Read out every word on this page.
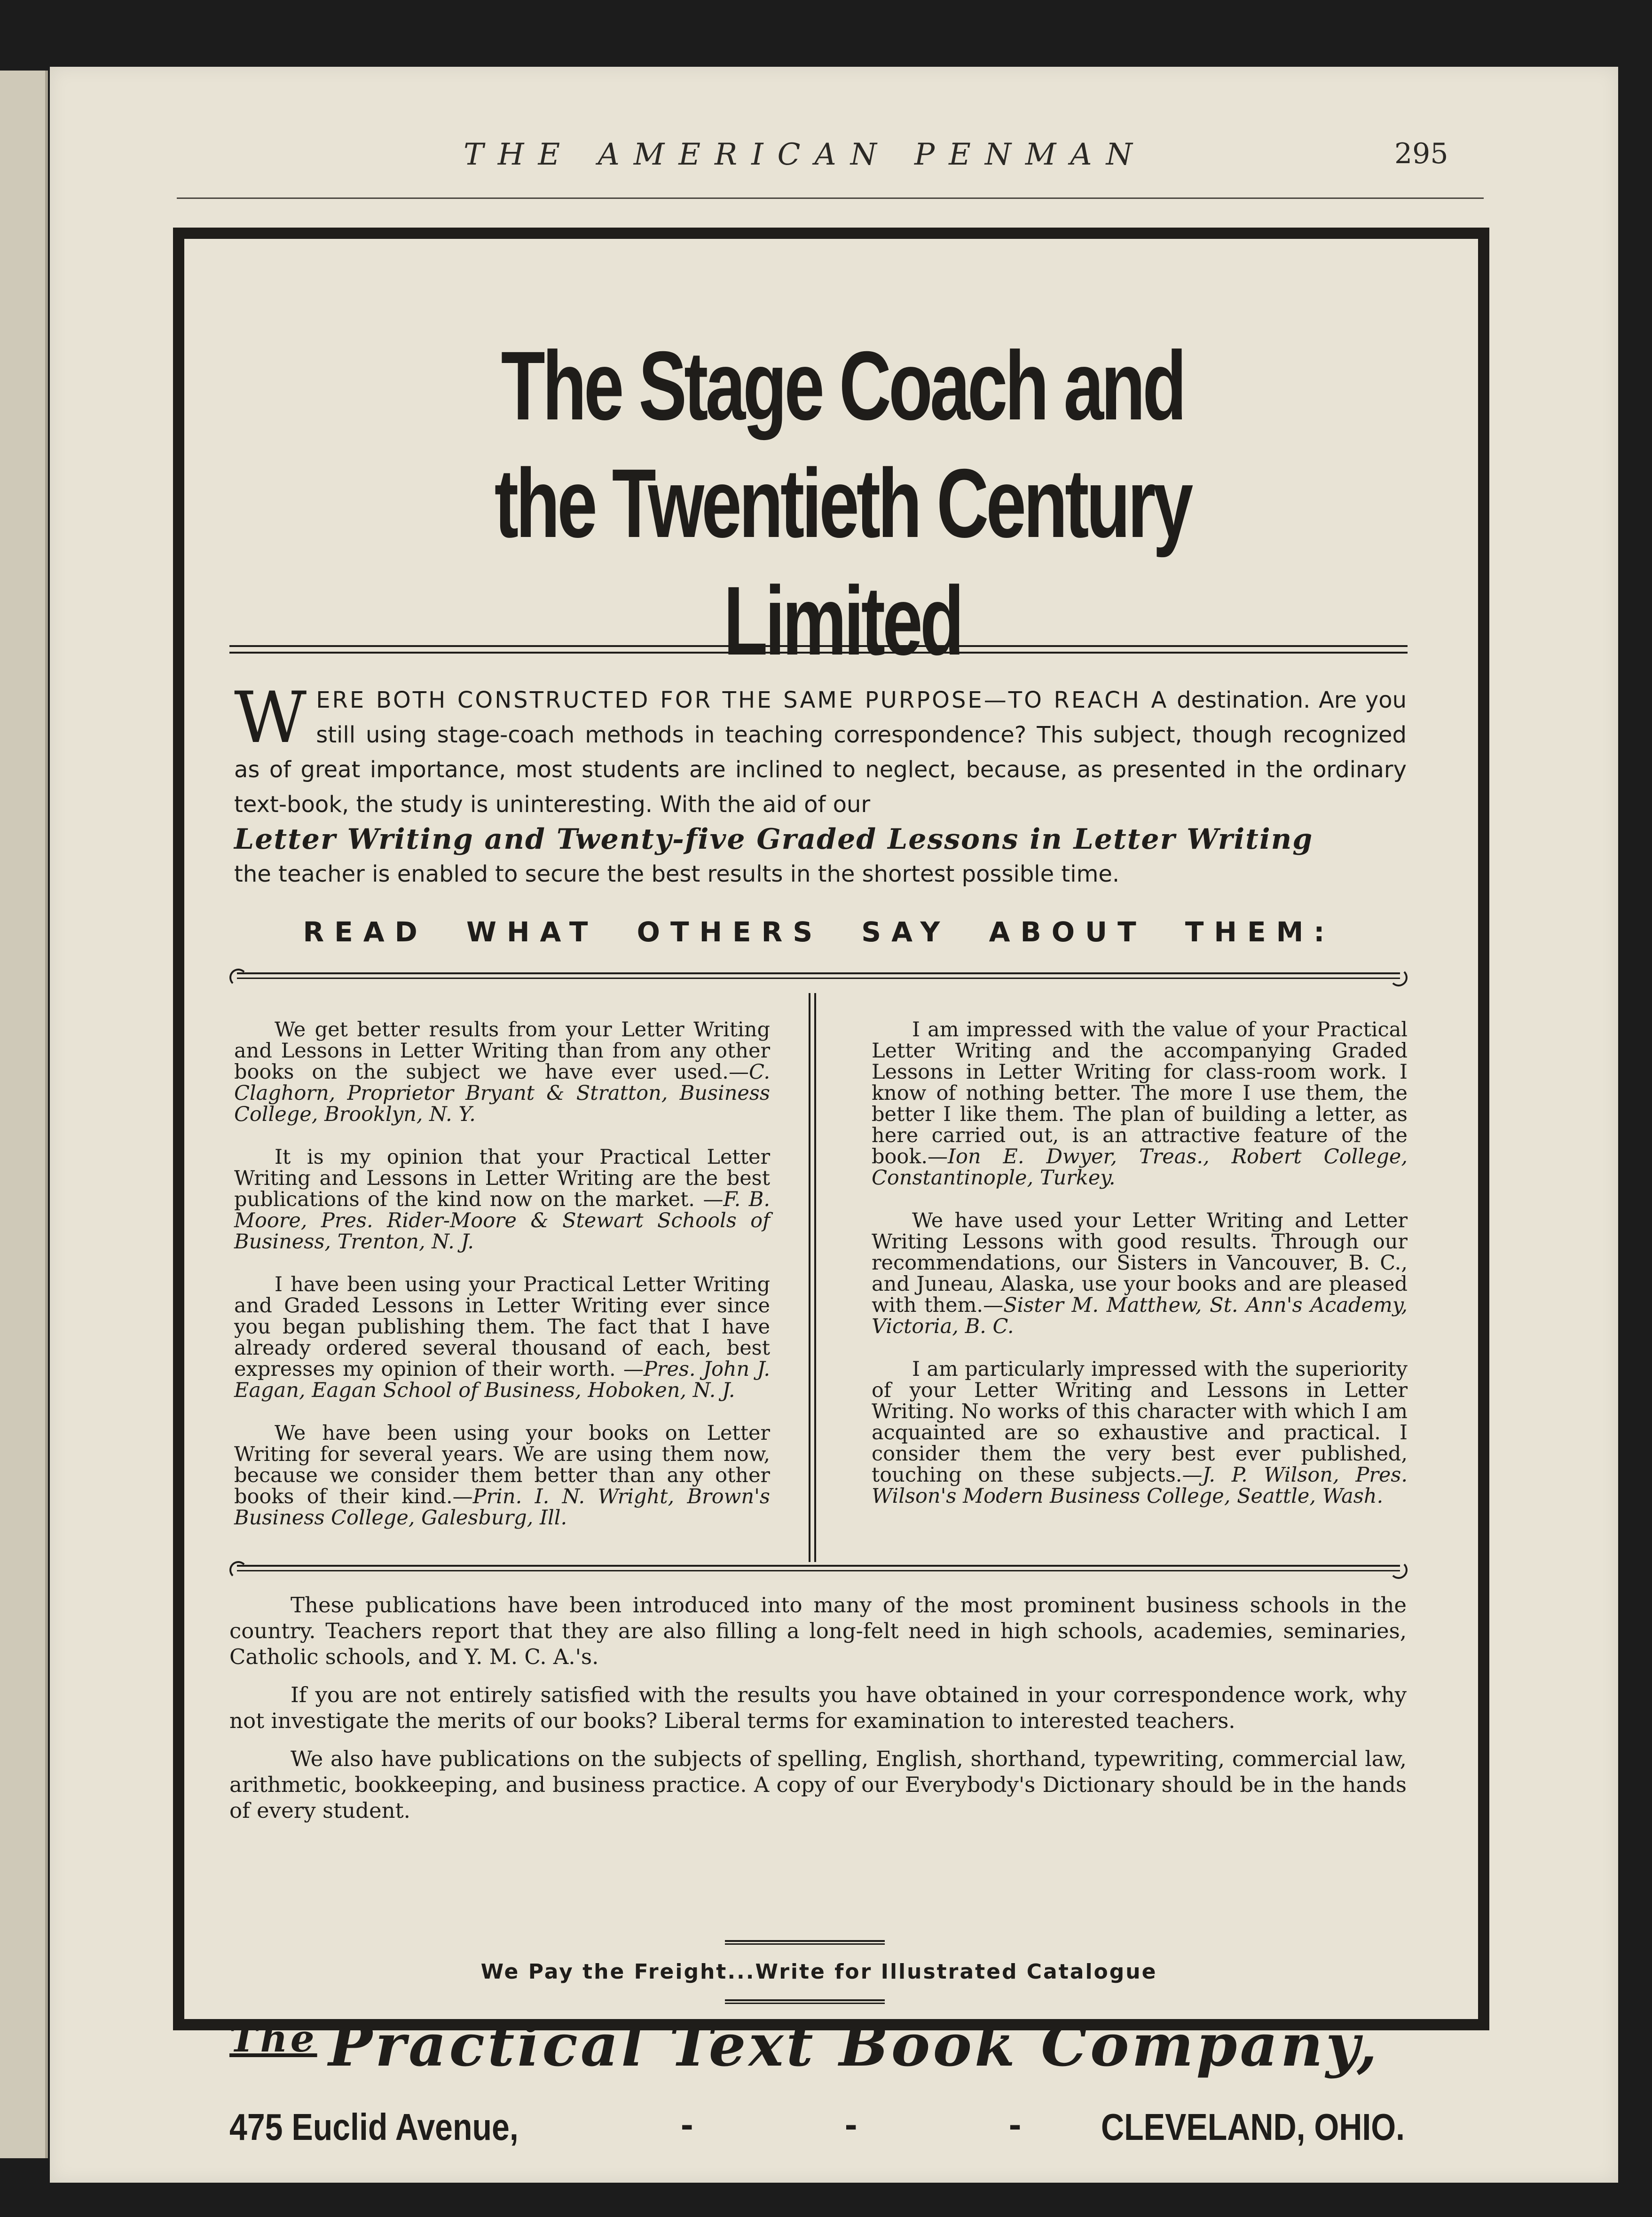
THE AMERICAN PENMAN	295
The Stage Coach and
the Twentieth Century Limited
W ERE BOTH CONSTRUCTED FOR THE SAME PURPOSE—TO REACH A destination. Are you still using stage-coach methods in teaching correspondence? This subject, though recognized as of great importance, most students are inclined to neglect, because, as presented in the ordinary text-book, the study is uninteresting. With the aid of our
Letter Writing and Twenty-five Graded Lessons in Letter Writing
the teacher is enabled to secure the best results in the shortest possible time.
READ WHAT OTHERS SAY ABOUT THEM:
We get better results from your Letter Writing and Lessons in Letter Writing than from any other books on the subject we have ever used.—C. Claghorn, Proprietor Bryant & Stratton, Business College, Brooklyn, N. Y.
It is my opinion that your Practical Letter Writing and Lessons in Letter Writing are the best publications of the kind now on the market. —F. B. Moore, Pres. Rider-Moore & Stewart Schools of Business, Trenton, N. J.
I have been using your Practical Letter Writing and Graded Lessons in Letter Writing ever since you began publishing them. The fact that I have already ordered several thousand of each, best expresses my opinion of their worth. —Pres. John J. Eagan, Eagan School of Business, Hoboken, N. J.
We have been using your books on Letter Writing for several years. We are using them now, because we consider them better than any other books of their kind.—Prin. I. N. Wright, Brown's Business College, Galesburg, Ill.
I am impressed with the value of your Practical Letter Writing and the accompanying Graded Lessons in Letter Writing for class-room work. I know of nothing better. The more I use them, the better I like them. The plan of building a letter, as here carried out, is an attractive feature of the book.—Ion E. Dwyer, Treas., Robert College, Constantinople, Turkey.
We have used your Letter Writing and Letter Writing Lessons with good results. Through our recommendations, our Sisters in Vancouver, B. C., and Juneau, Alaska, use your books and are pleased with them.—Sister M. Matthew, St. Ann's Academy, Victoria, B. C.
I am particularly impressed with the superiority of your Letter Writing and Lessons in Letter Writing. No works of this character with which I am acquainted are so exhaustive and practical. I consider them the very best ever published, touching on these subjects.—J. P. Wilson, Pres. Wilson's Modern Business College, Seattle, Wash.

These publications have been introduced into many of the most prominent business schools in the country. Teachers report that they are also filling a long-felt need in high schools, academies, seminaries, Catholic schools, and Y. M. C. A.'s.

If you are not entirely satisfied with the results you have obtained in your correspondence work, why not investigate the merits of our books? Liberal terms for examination to interested teachers.

We also have publications on the subjects of spelling, English, shorthand, typewriting, commercial law, arithmetic, bookkeeping, and business practice. A copy of our Everybody's Dictionary should be in the hands of every student.

We Pay the Freight...Write for Illustrated Catalogue
$^{The}$ Practical Text Book Company,
475 Euclid Avenue,	- - - CLEVELAND, OHIO.
